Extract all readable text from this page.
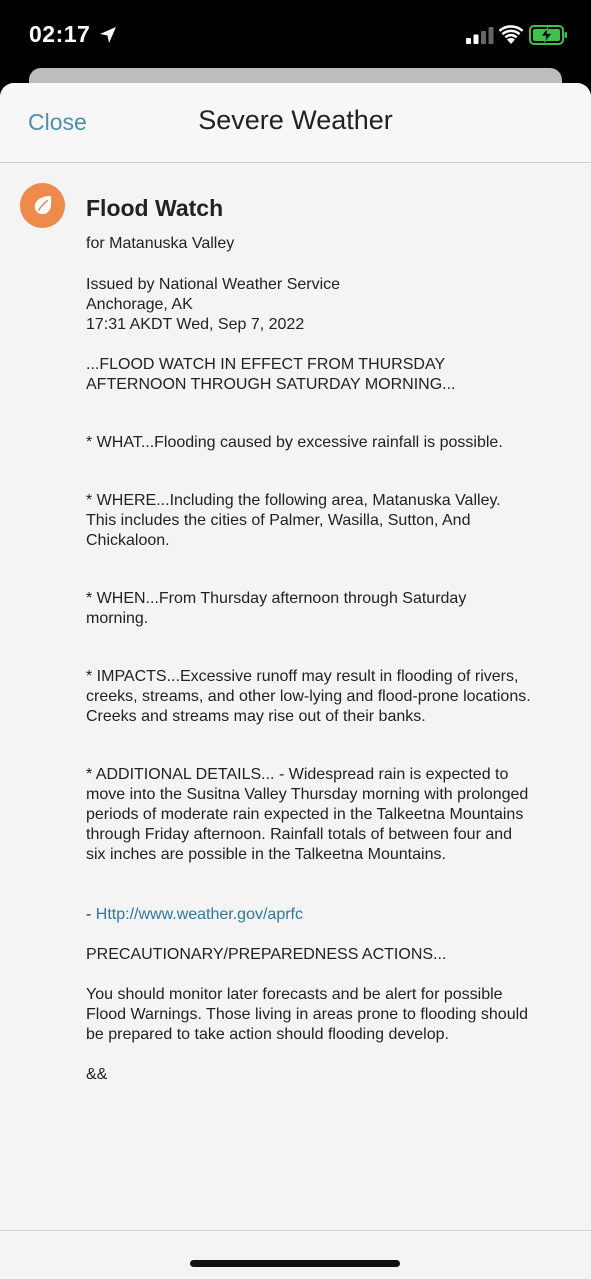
02:17
Close	Severe Weather
Flood Watch
for Matanuska Valley
Issued by National Weather Service
Anchorage, AK
17:31 AKDT Wed, Sep 7, 2022
...FLOOD WATCH IN EFFECT FROM THURSDAY
AFTERNOON THROUGH SATURDAY MORNING...
* WHAT...Flooding caused by excessive rainfall is possible.
* WHERE...Including the following area, Matanuska Valley.
This includes the cities of Palmer, Wasilla, Sutton, And
Chickaloon.
* WHEN...From Thursday afternoon through Saturday
morning.
* IMPACTS...Excessive runoff may result in flooding of rivers,
creeks, streams, and other low-lying and flood-prone locations.
Creeks and streams may rise out of their banks.
* ADDITIONAL DETAILS... - Widespread rain is expected to
move into the Susitna Valley Thursday morning with prolonged
periods of moderate rain expected in the Talkeetna Mountains
through Friday afternoon. Rainfall totals of between four and
six inches are possible in the Talkeetna Mountains.

- Http://www.weather.gov/aprfc

PRECAUTIONARY/PREPAREDNESS ACTIONS...
You should monitor later forecasts and be alert for possible
Flood Warnings. Those living in areas prone to flooding should
be prepared to take action should flooding develop.
&&
